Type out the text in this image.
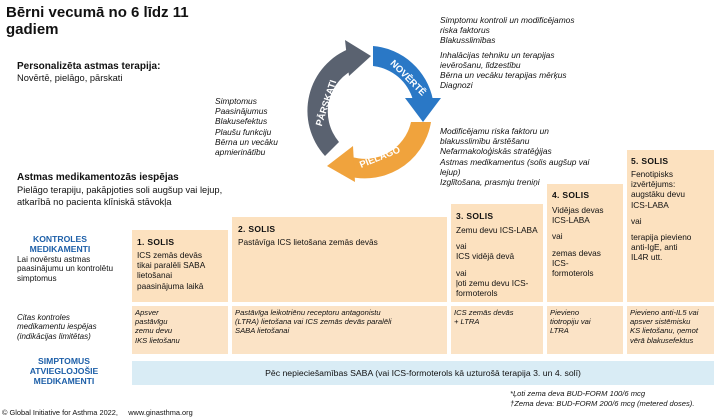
Bērni vecumā no 6 līdz 11 gadiem
Personalizēta astmas terapija:
Novērtē, pielāgo, pārskati	NOVĒRTĒ
PIELĀGO
PĀRSKATI
Simptomu kontroli un modificējamos
riska faktorus
Blakusslimības
Inhalācijas tehniku un terapijas
ievērošanu, līdzestību
Bērna un vecāku terapijas mērķus
Diagnozi
Simptomus
Paasinājumus
Blakusefektus
Plaušu funkciju
Bērna un vecāku
apmierinātību
Modificējamu riska faktoru un
blakusslimību ārstēšanu
Nefarmakoloģiskās stratēģijas
Astmas medikamentus (solis augšup vai
lejup)
Izglītošana, prasmju treniņi
Astmas medikamentozās iespējas
Pielāgo terapiju, pakāpjoties soli augšup vai lejup, atkarībā no pacienta klīniskā stāvokļa
1. SOLIS
2. SOLIS
3. SOLIS
4. SOLIS
5. SOLIS
ICS zemās devās
tikai paralēli SABA
lietošanai
paasinājuma laikā
Pastāvīga ICS lietošana zemās devās
Zemu devu ICS-LABA
vai
ICS vidējā devā
vai
ļoti zemu devu ICS-
formoterols
Vidējas devas
ICS-LABA
vai
zemas devas
ICS-
formoterols
Fenotipisks
izvērtējums:
augstāku devu
ICS-LABA
vai
terapija pievieno
anti-IgE, anti
IL4R utt.
KONTROLES MEDIKAMENTI
Lai novērstu astmas paasinājumu un kontrolētu simptomus
Citas kontroles medikamentu iespējas (indikācijas limitētas)
Apsver
pastāvīgu
zemu devu
IKS lietošanu
Pastāvīga leikotriēnu receptoru antagonistu
(LTRA) lietošana vai ICS zemās devās paralēli
SABA lietošanai
ICS zemās devās
+ LTRA
Pievieno
tiotropiju vai
LTRA
Pievieno anti-IL5 vai
apsver sistēmisku
KS lietošanu, ņemot
vērā blakusefektus
SIMPTOMUS ATVIEGLOJOŠIE MEDIKAMENTI
Pēc nepieciešamības SABA (vai ICS-formoterols kā uzturošā terapija 3. un 4. solī)
*Ļoti zema deva BUD-FORM 100/6 mcg
†Zema deva: BUD-FORM 200/6 mcg (metered doses).
© Global Initiative for Asthma 2022,     www.ginasthma.org
